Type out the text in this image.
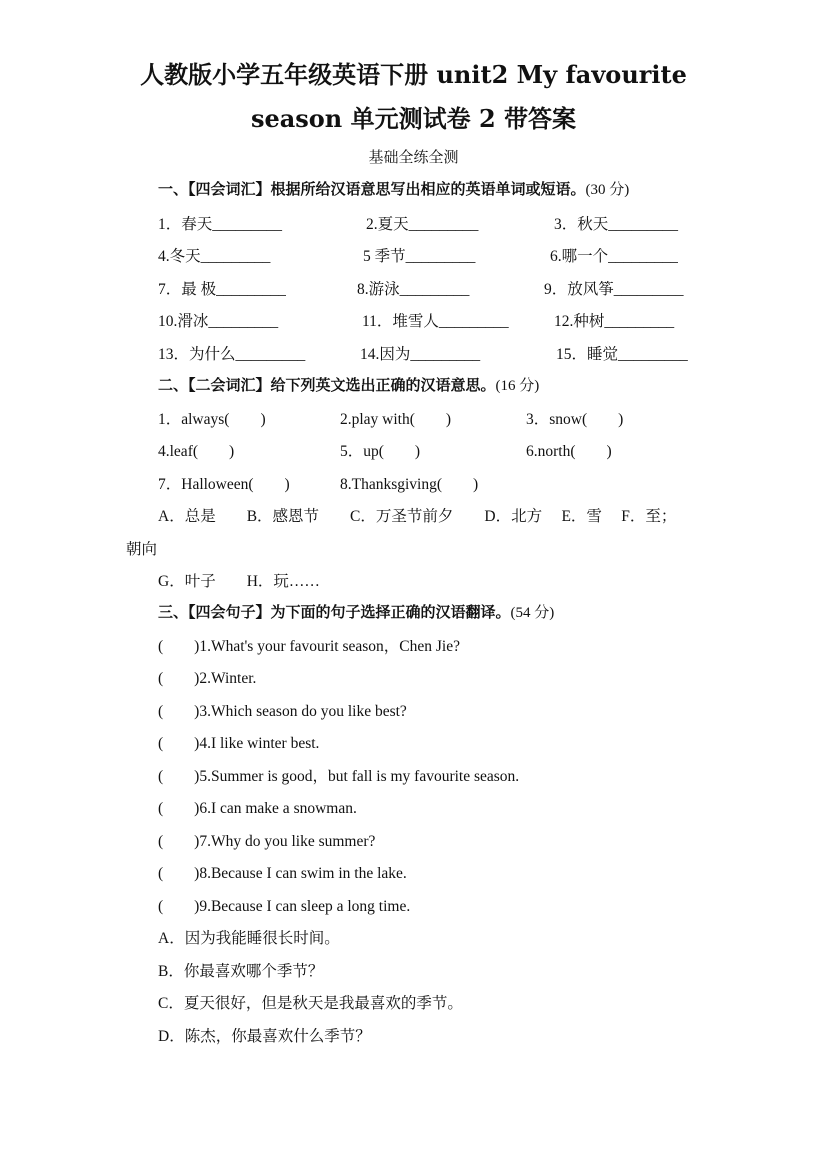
人教版小学五年级英语下册 unit2 My favourite
season 单元测试卷 2 带答案
基础全练全测
一、【四会词汇】根据所给汉语意思写出相应的英语单词或短语。(30 分)
1．春天_________	2.夏天_________	3．秋天_________
4.冬天_________	5 季节_________	6.哪一个_________
7．最 极_________	8.游泳_________	9．放风筝_________
10.滑冰_________	11．堆雪人_________	12.种树_________
13．为什么_________	14.因为_________	15．睡觉_________
二、【二会词汇】给下列英文选出正确的汉语意思。(16 分)
1．always(　　)	2.play with(　　)	3．snow(　　)
4.leaf(　　)	5．up(　　)	6.north(　　)
7．Halloween(　　)	8.Thanksgiving(　　)
A．总是　　B．感恩节　　C．万圣节前夕　　D．北方　 E．雪　 F．至；
朝向
G．叶子　　H．玩……
三、【四会句子】为下面的句子选择正确的汉语翻译。(54 分)
(　　)1.What's your favourit season，Chen Jie?
(　　)2.Winter.
(　　)3.Which season do you like best?
(　　)4.I like winter best.
(　　)5.Summer is good，but fall is my favourite season.
(　　)6.I can make a snowman.
(　　)7.Why do you like summer?
(　　)8.Because I can swim in the lake.
(　　)9.Because I can sleep a long time.
A．因为我能睡很长时间。
B．你最喜欢哪个季节？
C．夏天很好，但是秋天是我最喜欢的季节。
D．陈杰，你最喜欢什么季节？
